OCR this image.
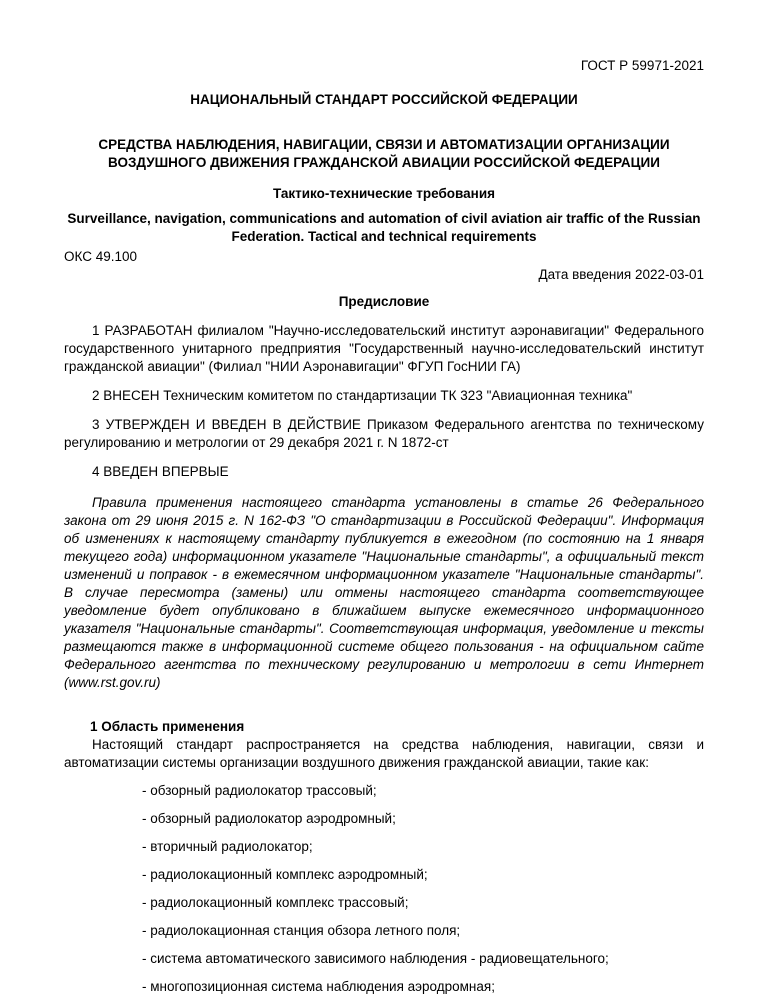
ГОСТ Р 59971-2021
НАЦИОНАЛЬНЫЙ СТАНДАРТ РОССИЙСКОЙ ФЕДЕРАЦИИ
СРЕДСТВА НАБЛЮДЕНИЯ, НАВИГАЦИИ, СВЯЗИ И АВТОМАТИЗАЦИИ ОРГАНИЗАЦИИ ВОЗДУШНОГО ДВИЖЕНИЯ ГРАЖДАНСКОЙ АВИАЦИИ РОССИЙСКОЙ ФЕДЕРАЦИИ
Тактико-технические требования
Surveillance, navigation, communications and automation of civil aviation air traffic of the Russian Federation. Tactical and technical requirements
ОКС 49.100
Дата введения 2022-03-01
Предисловие

1 РАЗРАБОТАН филиалом "Научно-исследовательский институт аэронавигации" Федерального государственного унитарного предприятия "Государственный научно-исследовательский институт гражданской авиации" (Филиал "НИИ Аэронавигации" ФГУП ГосНИИ ГА)

2 ВНЕСЕН Техническим комитетом по стандартизации ТК 323 "Авиационная техника"

3 УТВЕРЖДЕН И ВВЕДЕН В ДЕЙСТВИЕ Приказом Федерального агентства по техническому регулированию и метрологии от 29 декабря 2021 г. N 1872-ст

4 ВВЕДЕН ВПЕРВЫЕ

Правила применения настоящего стандарта установлены в статье 26 Федерального закона от 29 июня 2015 г. N 162-ФЗ "О стандартизации в Российской Федерации". Информация об изменениях к настоящему стандарту публикуется в ежегодном (по состоянию на 1 января текущего года) информационном указателе "Национальные стандарты", а официальный текст изменений и поправок - в ежемесячном информационном указателе "Национальные стандарты". В случае пересмотра (замены) или отмены настоящего стандарта соответствующее уведомление будет опубликовано в ближайшем выпуске ежемесячного информационного указателя "Национальные стандарты". Соответствующая информация, уведомление и тексты размещаются также в информационной системе общего пользования - на официальном сайте Федерального агентства по техническому регулированию и метрологии в сети Интернет (www.rst.gov.ru)

1 Область применения

Настоящий стандарт распространяется на средства наблюдения, навигации, связи и автоматизации системы организации воздушного движения гражданской авиации, такие как:

- обзорный радиолокатор трассовый;

- обзорный радиолокатор аэродромный;

- вторичный радиолокатор;

- радиолокационный комплекс аэродромный;

- радиолокационный комплекс трассовый;

- радиолокационная станция обзора летного поля;

- система автоматического зависимого наблюдения - радиовещательного;

- многопозиционная система наблюдения аэродромная;
